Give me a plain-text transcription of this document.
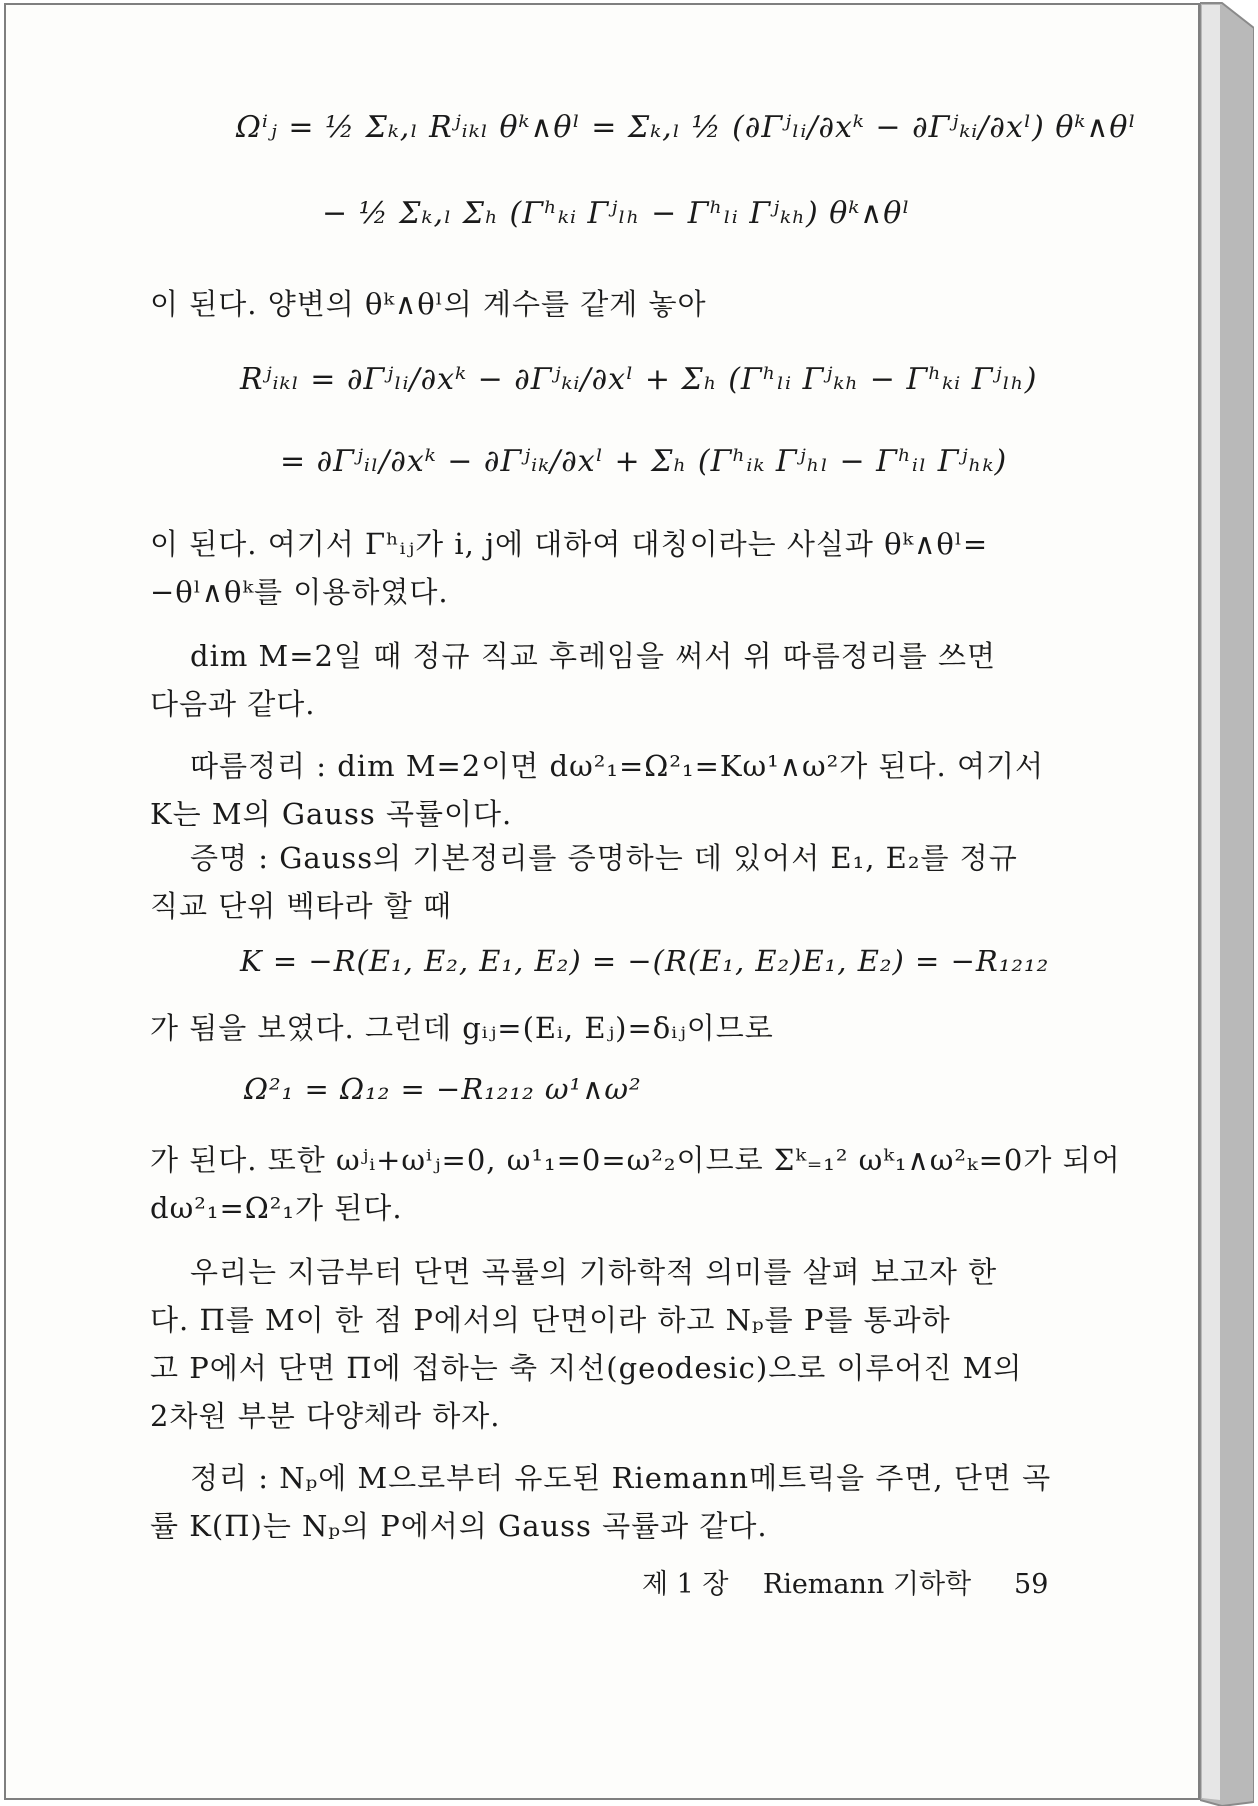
Ωⁱⱼ = ½ Σₖ,ₗ Rʲᵢₖₗ θᵏ∧θˡ = Σₖ,ₗ ½ (∂Γʲₗᵢ/∂xᵏ − ∂Γʲₖᵢ/∂xˡ) θᵏ∧θˡ
− ½ Σₖ,ₗ Σₕ (Γʰₖᵢ Γʲₗₕ − Γʰₗᵢ Γʲₖₕ) θᵏ∧θˡ
이 된다. 양변의 θᵏ∧θˡ의 계수를 같게 놓아
Rʲᵢₖₗ = ∂Γʲₗᵢ/∂xᵏ − ∂Γʲₖᵢ/∂xˡ + Σₕ (Γʰₗᵢ Γʲₖₕ − Γʰₖᵢ Γʲₗₕ)
= ∂Γʲᵢₗ/∂xᵏ − ∂Γʲᵢₖ/∂xˡ + Σₕ (Γʰᵢₖ Γʲₕₗ − Γʰᵢₗ Γʲₕₖ)
이 된다. 여기서 Γʰᵢⱼ가 i, j에 대하여 대칭이라는 사실과 θᵏ∧θˡ=
−θˡ∧θᵏ를 이용하였다.
dim M=2일 때 정규 직교 후레임을 써서 위 따름정리를 쓰면
다음과 같다.
따름정리 : dim M=2이면 dω²₁=Ω²₁=Kω¹∧ω²가 된다. 여기서
K는 M의 Gauss 곡률이다.
증명 : Gauss의 기본정리를 증명하는 데 있어서 E₁, E₂를 정규
직교 단위 벡타라 할 때
K = −R(E₁, E₂, E₁, E₂) = −(R(E₁, E₂)E₁, E₂) = −R₁₂₁₂
가 됨을 보였다. 그런데 gᵢⱼ=(Eᵢ, Eⱼ)=δᵢⱼ이므로
Ω²₁ = Ω₁₂ = −R₁₂₁₂ ω¹∧ω²
가 된다. 또한 ωʲᵢ+ωⁱⱼ=0, ω¹₁=0=ω²₂이므로 Σᵏ₌₁² ωᵏ₁∧ω²ₖ=0가 되어
dω²₁=Ω²₁가 된다.
우리는 지금부터 단면 곡률의 기하학적 의미를 살펴 보고자 한
다. Π를 M이 한 점 P에서의 단면이라 하고 Nₚ를 P를 통과하
고 P에서 단면 Π에 접하는 축 지선(geodesic)으로 이루어진 M의
2차원 부분 다양체라 하자.
정리 : Nₚ에 M으로부터 유도된 Riemann메트릭을 주면, 단면 곡
률 K(Π)는 Nₚ의 P에서의 Gauss 곡률과 같다.
제 1 장 Riemann 기하학 59
